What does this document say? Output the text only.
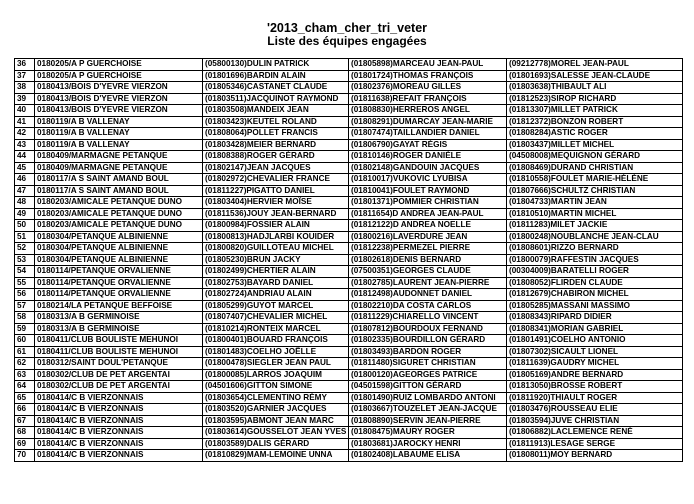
'2013_cham_cher_tri_veter
Liste des équipes engagées
36	0180205/A P GUERCHOISE	(05800130)DULIN PATRICK	(01805898)MARCEAU JEAN-PAUL	(09212778)MOREL JEAN-PAUL
37	0180205/A P GUERCHOISE	(01801696)BARDIN ALAIN	(01801724)THOMAS FRANÇOIS	(01801693)SALESSE JEAN-CLAUDE
38	0180413/BOIS D'YEVRE VIERZON	(01805346)CASTANET CLAUDE	(01802376)MOREAU GILLES	(01803638)THIBAULT ALI
39	0180413/BOIS D'YEVRE VIERZON	(01803511)JACQUINOT RAYMOND	(01811638)REFAIT FRANÇOIS	(01812523)SIROP RICHARD
40	0180413/BOIS D'YEVRE VIERZON	(01803508)MANDEIX JEAN	(01808830)HERREROS ANGEL	(01813307)MILLET PATRICK
41	0180119/A B VALLENAY	(01803423)KEUTEL ROLAND	(01808291)DUMARCAY JEAN-MARIE	(01812372)BONZON ROBERT
42	0180119/A B VALLENAY	(01808064)POLLET FRANCIS	(01807474)TAILLANDIER DANIEL	(01808284)ASTIC ROGER
43	0180119/A B VALLENAY	(01803428)MEIER BERNARD	(01806790)GAYAT RÉGIS	(01803437)MILLET MICHEL
44	0180409/MARMAGNE PETANQUE	(01808388)ROGER GÉRARD	(01810146)ROGER DANIÈLE	(04508008)MEQUIGNON GÉRARD
45	0180409/MARMAGNE PETANQUE	(01802147)JEAN JACQUES	(01802148)GANDOUIN JACQUES	(01808469)DURAND CHRISTIAN
46	0180117/A S SAINT AMAND BOUL	(01802972)CHEVALIER FRANCE	(01810017)VUKOVIC LYUBISA	(01810558)FOULET MARIE-HÉLÈNE
47	0180117/A S SAINT AMAND BOUL	(01811227)PIGATTO DANIEL	(01810041)FOULET RAYMOND	(01807666)SCHULTZ CHRISTIAN
48	0180203/AMICALE PETANQUE DUNO	(01803404)HERVIER MOÏSE	(01801371)POMMIER CHRISTIAN	(01804733)MARTIN JEAN
49	0180203/AMICALE PETANQUE DUNO	(01811536)JOUY JEAN-BERNARD	(01811654)D ANDREA JEAN-PAUL	(01810510)MARTIN MICHEL
50	0180203/AMICALE PETANQUE DUNO	(01800984)FOSSIER ALAIN	(01812122)D ANDREA NOELLE	(01811283)MILET JACKIE
51	0180304/PETANQUE ALBINIENNE	(01800813)HADJLARBI KOUIDER	(01800216)LAVERDURE JEAN	(01800248)NOUBLANCHE JEAN-CLAU
52	0180304/PETANQUE ALBINIENNE	(01800820)GUILLOTEAU MICHEL	(01812238)PERMEZEL PIERRE	(01808601)RIZZO BERNARD
53	0180304/PETANQUE ALBINIENNE	(01805230)BRUN JACKY	(01802618)DENIS BERNARD	(01800079)RAFFESTIN JACQUES
54	0180114/PETANQUE ORVALIENNE	(01802499)CHERTIER ALAIN	(07500351)GEORGES CLAUDE	(00304009)BARATELLI ROGER
55	0180114/PETANQUE ORVALIENNE	(01802753)BAYARD DANIEL	(01802785)LAURENT JEAN-PIERRE	(01808052)FLIRDEN CLAUDE
56	0180114/PETANQUE ORVALIENNE	(01802724)ANDRIAU ALAIN	(01812498)AUDONNET DANIEL	(01812679)CHABIRON MICHEL
57	0180214/LA PETANQUE BEFFOISE	(01805299)GUYOT MARCEL	(01802210)DA COSTA CARLOS	(01805285)MASSANI MASSIMO
58	0180313/A B GERMINOISE	(01807407)CHEVALIER MICHEL	(01811229)CHIARELLO VINCENT	(01808343)RIPARD DIDIER
59	0180313/A B GERMINOISE	(01810214)RONTEIX MARCEL	(01807812)BOURDOUX FERNAND	(01808341)MORIAN GABRIEL
60	0180411/CLUB BOULISTE MEHUNOI	(01800401)BOUARD FRANÇOIS	(01802335)BOURDILLON GÉRARD	(01801491)COELHO ANTONIO
61	0180411/CLUB BOULISTE MEHUNOI	(01801483)COELHO JOËLLE	(01803493)BARDON ROGER	(01807302)SICAULT LIONEL
62	0180312/SAINT DOUL'PETANQUE	(01800478)SIEGLER JEAN PAUL	(01811480)SIGURET CHRISTIAN	(01811639)GAUDRY MICHEL
63	0180302/CLUB DE PET ARGENTAI	(01800085)LARROS JOAQUIM	(01800120)AGEORGES PATRICE	(01805169)ANDRE BERNARD
64	0180302/CLUB DE PET ARGENTAI	(04501606)GITTON SIMONE	(04501598)GITTON GÉRARD	(01813050)BROSSE ROBERT
65	0180414/C B VIERZONNAIS	(01803654)CLEMENTINO RÉMY	(01801490)RUIZ LOMBARDO ANTONI	(01811920)THIAULT ROGER
66	0180414/C B VIERZONNAIS	(01803520)GARNIER JACQUES	(01803667)TOUZELET JEAN-JACQUE	(01803476)ROUSSEAU ELIE
67	0180414/C B VIERZONNAIS	(01803595)ABMONT JEAN MARC	(01808890)SERVIN JEAN-PIERRE	(01803594)JUVE CHRISTIAN
68	0180414/C B VIERZONNAIS	(01803614)GOUSSELOT JEAN YVES	(01808475)MAURY ROGER	(01806882)LACLEMENCE RENÉ
69	0180414/C B VIERZONNAIS	(01803589)DALIS GÉRARD	(01803681)JAROCKY HENRI	(01811913)LESAGE SERGE
70	0180414/C B VIERZONNAIS	(01810829)MAM-LEMOINE UNNA	(01802408)LABAUME ELISA	(01808011)MOY BERNARD
